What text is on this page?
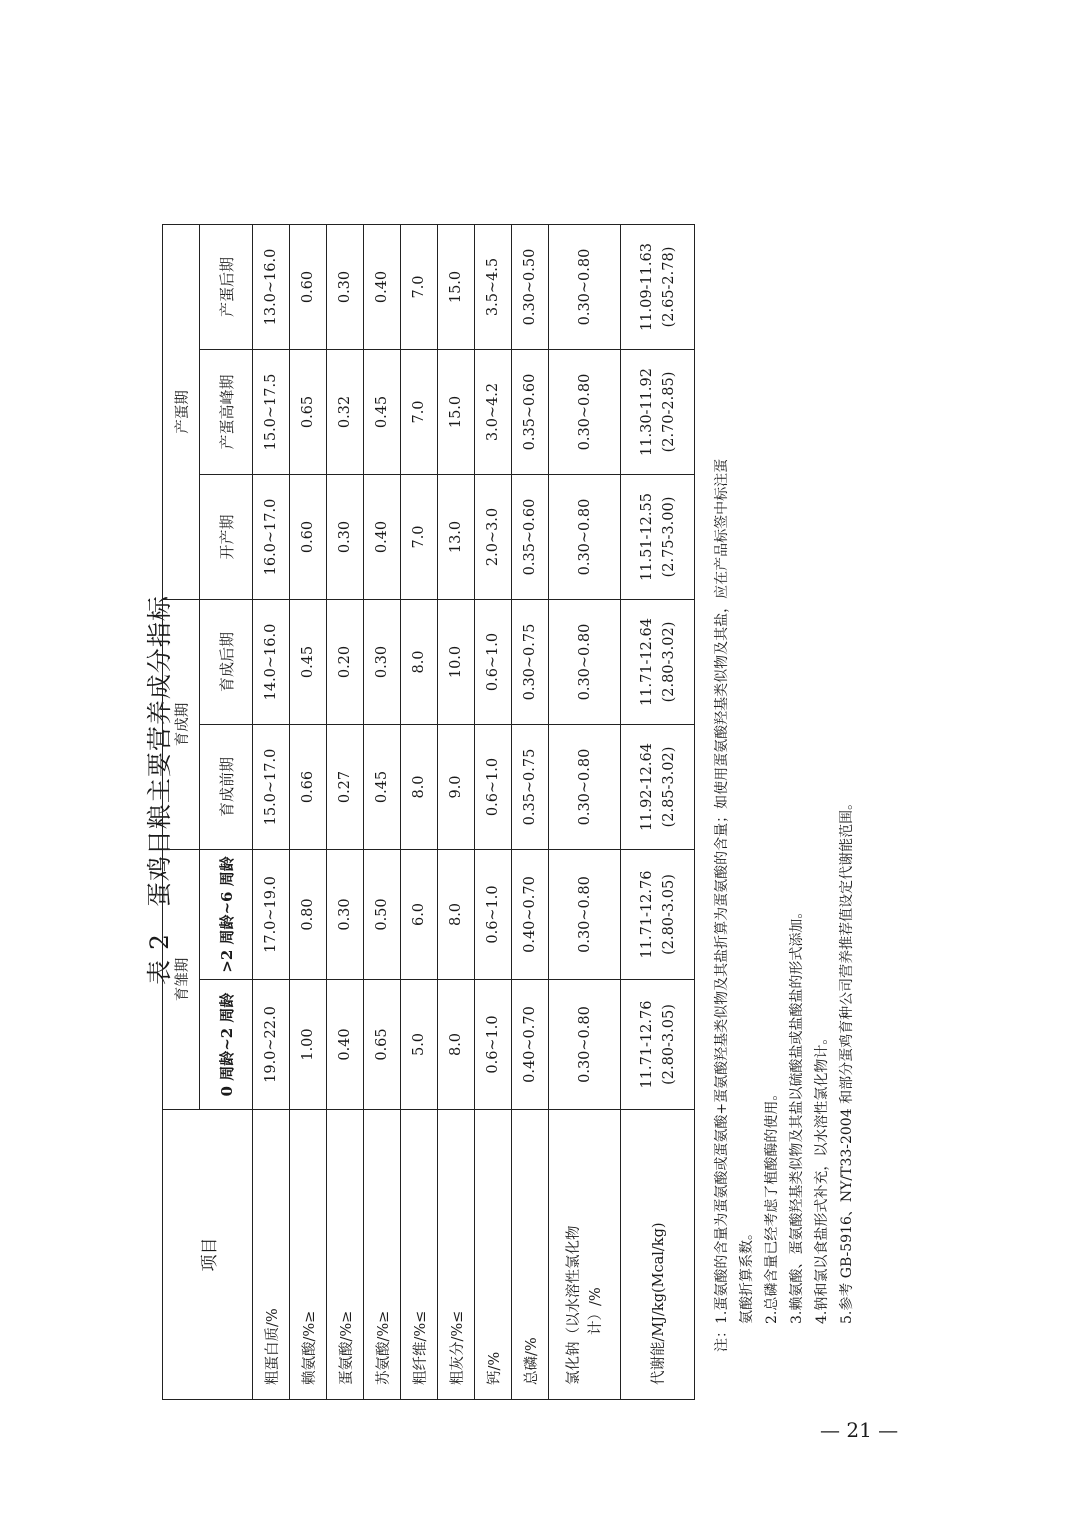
表 2　蛋鸡日粮主要营养成分指标
项目	育雏期		育成期		产蛋期		
	0 周龄~2 周龄	>2 周龄~6 周龄	育成前期	育成后期	开产期	产蛋高峰期	产蛋后期
粗蛋白质/%	19.0~22.0	17.0~19.0	15.0~17.0	14.0~16.0	16.0~17.0	15.0~17.5	13.0~16.0
赖氨酸/%≥	1.00	0.80	0.66	0.45	0.60	0.65	0.60
蛋氨酸/%≥	0.40	0.30	0.27	0.20	0.30	0.32	0.30
苏氨酸/%≥	0.65	0.50	0.45	0.30	0.40	0.45	0.40
粗纤维/%≤	5.0	6.0	8.0	8.0	7.0	7.0	7.0
粗灰分/%≤	8.0	8.0	9.0	10.0	13.0	15.0	15.0
钙/%	0.6~1.0	0.6~1.0	0.6~1.0	0.6~1.0	2.0~3.0	3.0~4.2	3.5~4.5
总磷/%	0.40~0.70	0.40~0.70	0.35~0.75	0.30~0.75	0.35~0.60	0.35~0.60	0.30~0.50

氯化钠（以水溶性氯化物 计）/%	0.30~0.80	0.30~0.80	0.30~0.80	0.30~0.80	0.30~0.80	0.30~0.80	0.30~0.80
代谢能/MJ/kg(Mcal/kg)	11.71-12.76 (2.80-3.05)	11.71-12.76 (2.80-3.05)	11.92-12.64 (2.85-3.02)	11.71-12.64 (2.80-3.02)	11.51-12.55 (2.75-3.00)	11.30-11.92 (2.70-2.85)	11.09-11.63 (2.65-2.78)
注：1.蛋氨酸的含量为蛋氨酸或蛋氨酸+蛋氨酸羟基类似物及其盐折算为蛋氨酸的含量；如使用蛋氨酸羟基类似物及其盐，应在产品标签中标注蛋 氨酸折算系数。 2.总磷含量已经考虑了植酸酶的使用。 3.赖氨酸、蛋氨酸羟基类似物及其盐以硫酸盐或盐酸盐的形式添加。 4.钠和氯以食盐形式补充，以水溶性氯化物计。 5.参考 GB-5916、NY/T33-2004 和部分蛋鸡育种公司营养推荐值设定代谢能范围。
— 21 —
